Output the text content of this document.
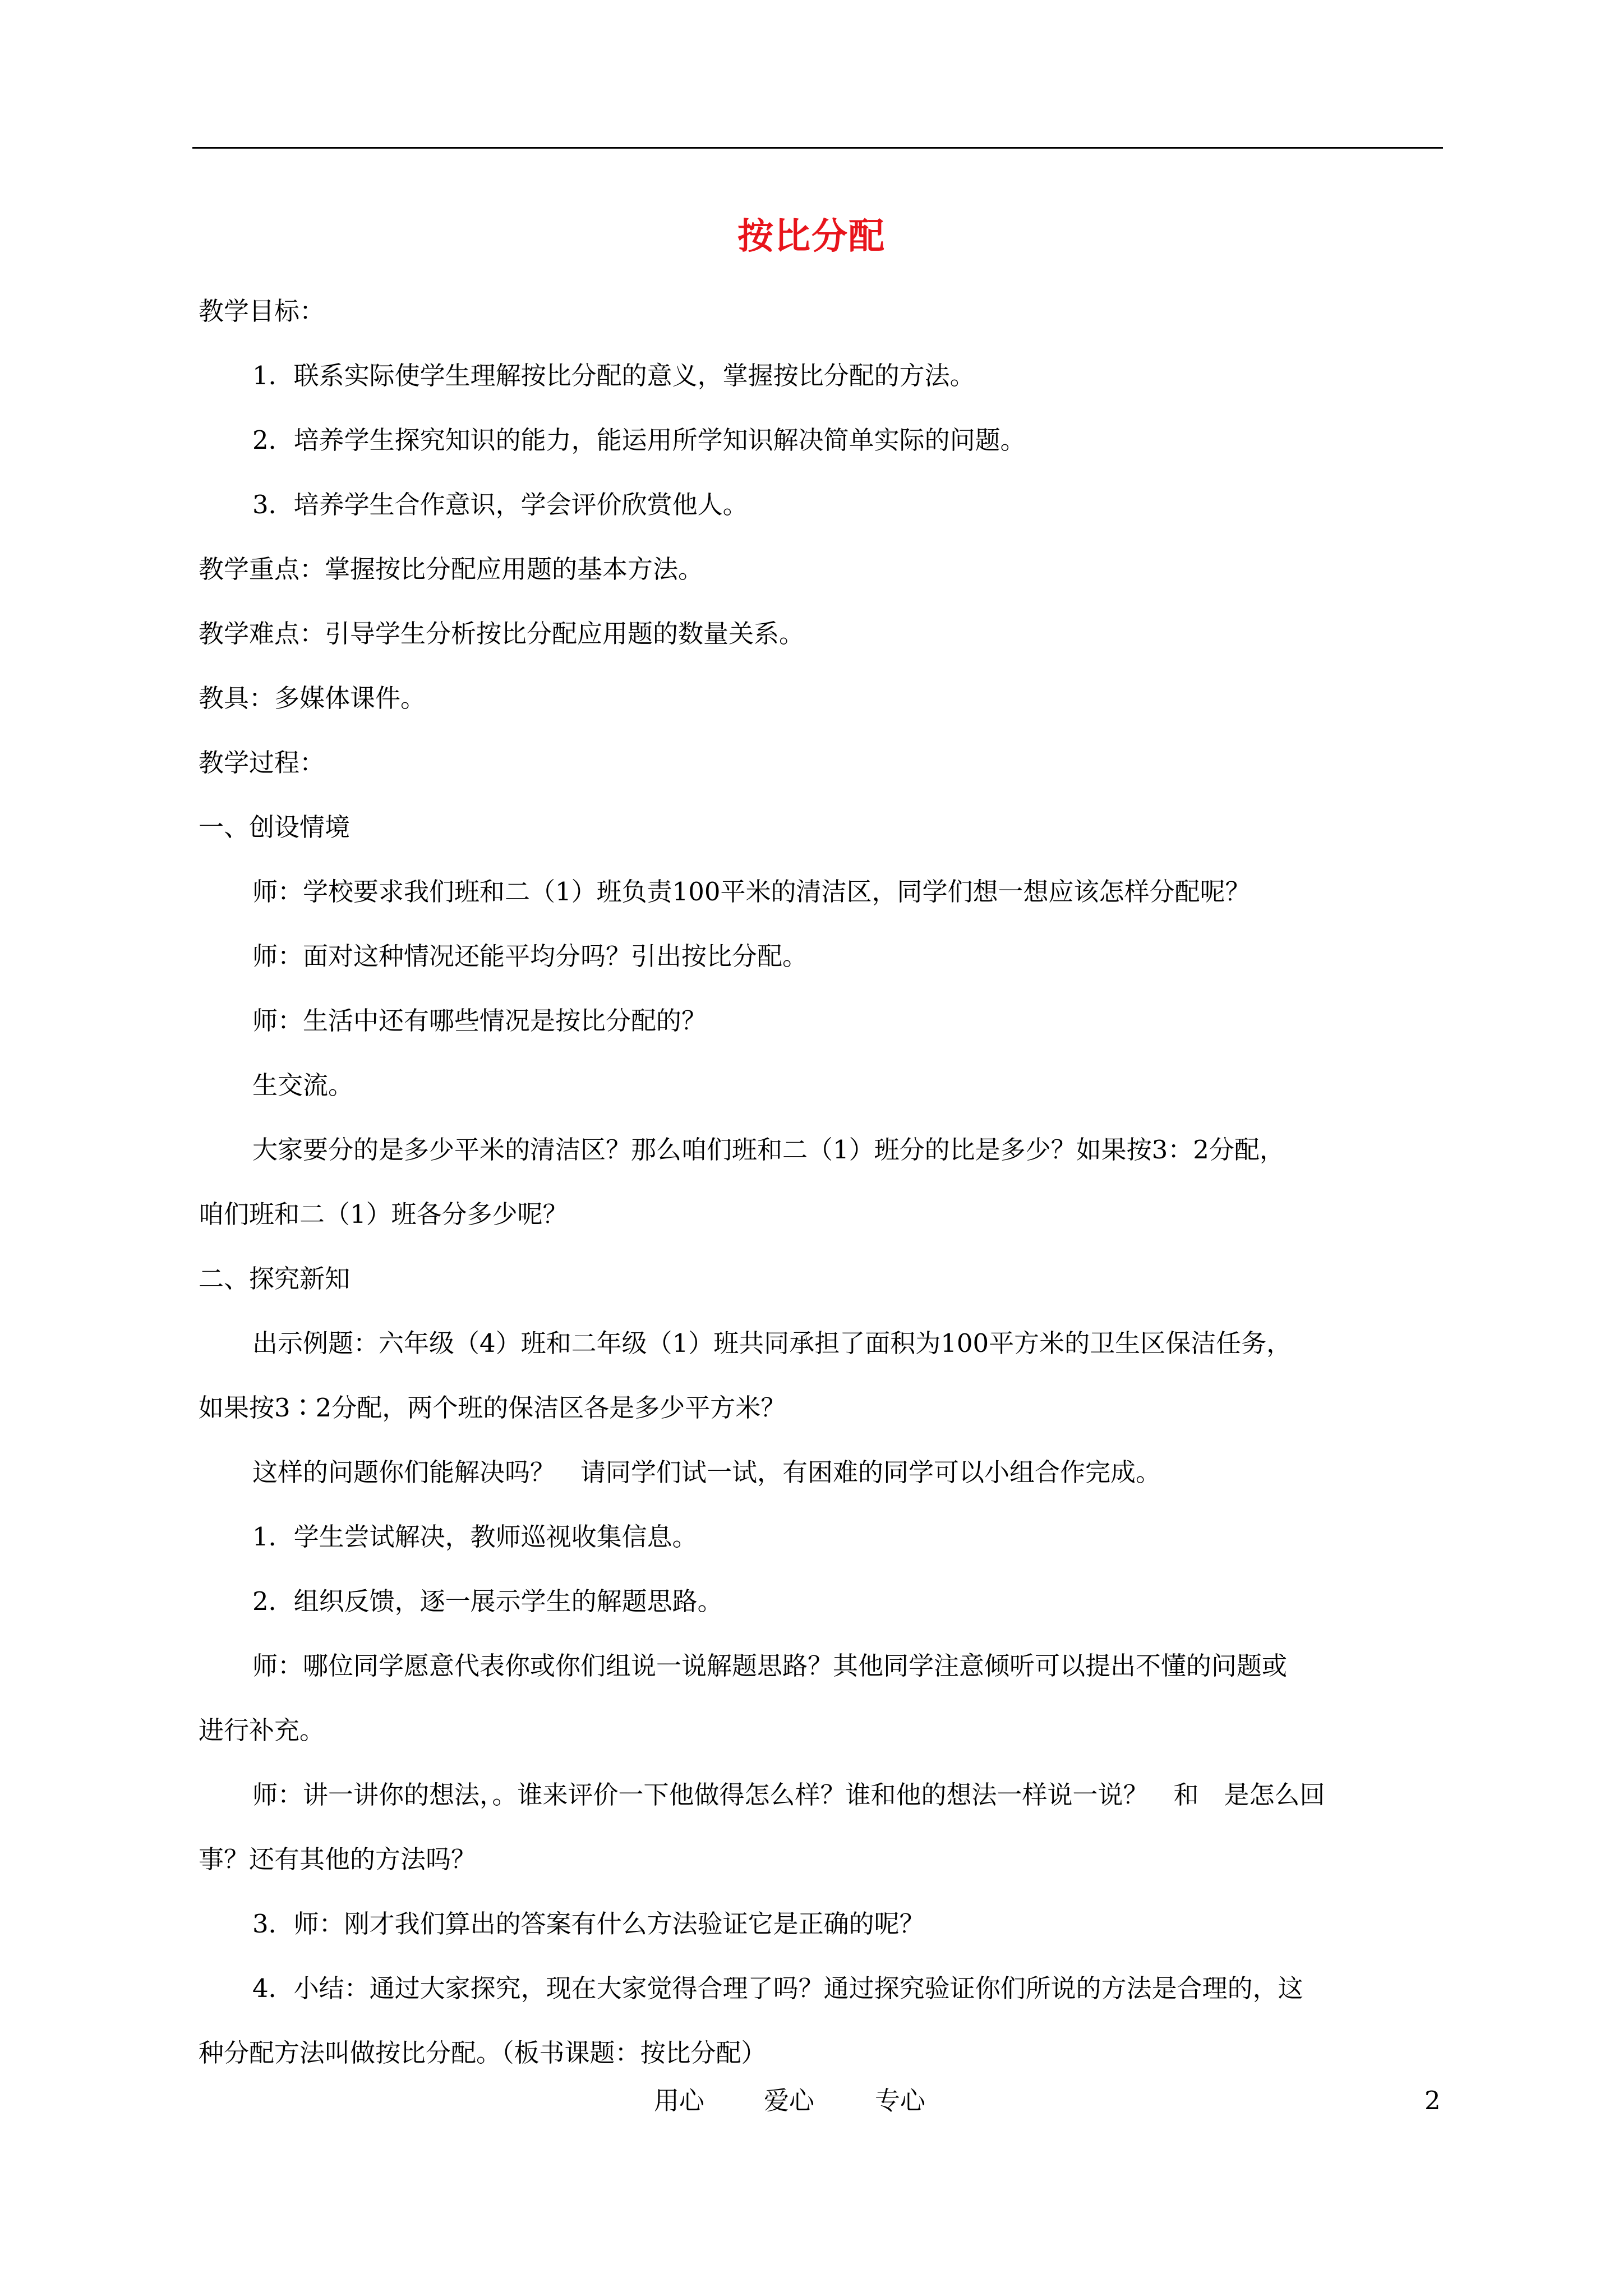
按比分配
教学目标：
1．联系实际使学生理解按比分配的意义，掌握按比分配的方法。
2．培养学生探究知识的能力，能运用所学知识解决简单实际的问题。
3．培养学生合作意识，学会评价欣赏他人。
教学重点：掌握按比分配应用题的基本方法。
教学难点：引导学生分析按比分配应用题的数量关系。
教具：多媒体课件。
教学过程：
一、创设情境
师：学校要求我们班和二（1）班负责100平米的清洁区，同学们想一想应该怎样分配呢？
师：面对这种情况还能平均分吗？引出按比分配。
师：生活中还有哪些情况是按比分配的？
生交流。
大家要分的是多少平米的清洁区？那么咱们班和二（1）班分的比是多少？如果按3：2分配，
咱们班和二（1）班各分多少呢？
二、探究新知
出示例题：六年级（4）班和二年级（1）班共同承担了面积为100平方米的卫生区保洁任务，
如果按3∶2分配，两个班的保洁区各是多少平方米？
这样的问题你们能解决吗？　请同学们试一试，有困难的同学可以小组合作完成。
1．学生尝试解决，教师巡视收集信息。
2．组织反馈，逐一展示学生的解题思路。
师：哪位同学愿意代表你或你们组说一说解题思路？其他同学注意倾听可以提出不懂的问题或
进行补充。
师：讲一讲你的想法，。谁来评价一下他做得怎么样？谁和他的想法一样说一说？　和　是怎么回
事？还有其他的方法吗？
3．师：刚才我们算出的答案有什么方法验证它是正确的呢？
4．小结：通过大家探究，现在大家觉得合理了吗？通过探究验证你们所说的方法是合理的，这
种分配方法叫做按比分配。（板书课题：按比分配）
用心 爱心 专心	2
